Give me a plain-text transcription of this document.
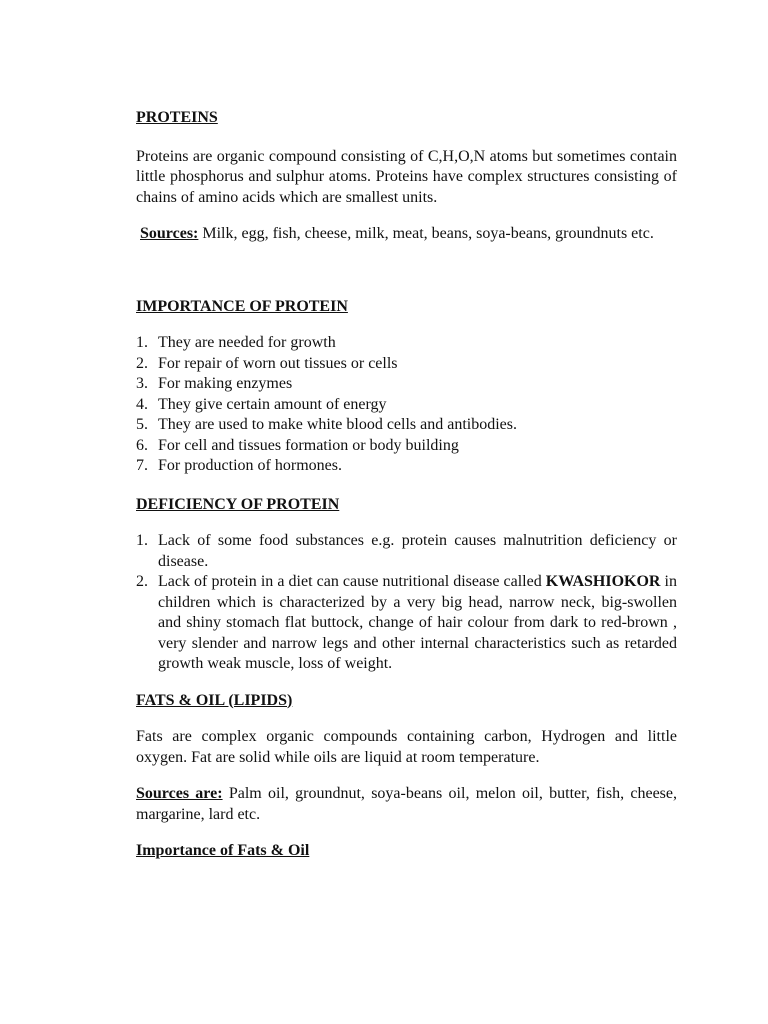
PROTEINS

Proteins are organic compound consisting of C,H,O,N atoms but sometimes contain little phosphorus and sulphur atoms. Proteins have complex structures consisting of chains of amino acids which are smallest units.

Sources: Milk, egg, fish, cheese, milk, meat, beans, soya-beans, groundnuts etc.

IMPORTANCE OF PROTEIN

1. They are needed for growth
2. For repair of worn out tissues or cells
3. For making enzymes
4. They give certain amount of energy
5. They are used to make white blood cells and antibodies.
6. For cell and tissues formation or body building
7. For production of hormones.

DEFICIENCY OF PROTEIN

1. Lack of some food substances e.g. protein causes malnutrition deficiency or disease.
2. Lack of protein in a diet can cause nutritional disease called KWASHIOKOR in children which is characterized by a very big head, narrow neck, big-swollen and shiny stomach flat buttock, change of hair colour from dark to red-brown , very slender and narrow legs and other internal characteristics such as retarded growth weak muscle, loss of weight.

FATS & OIL (LIPIDS)

Fats are complex organic compounds containing carbon, Hydrogen and little oxygen. Fat are solid while oils are liquid at room temperature.

Sources are: Palm oil, groundnut, soya-beans oil, melon oil, butter, fish, cheese, margarine, lard etc.

Importance of Fats & Oil
